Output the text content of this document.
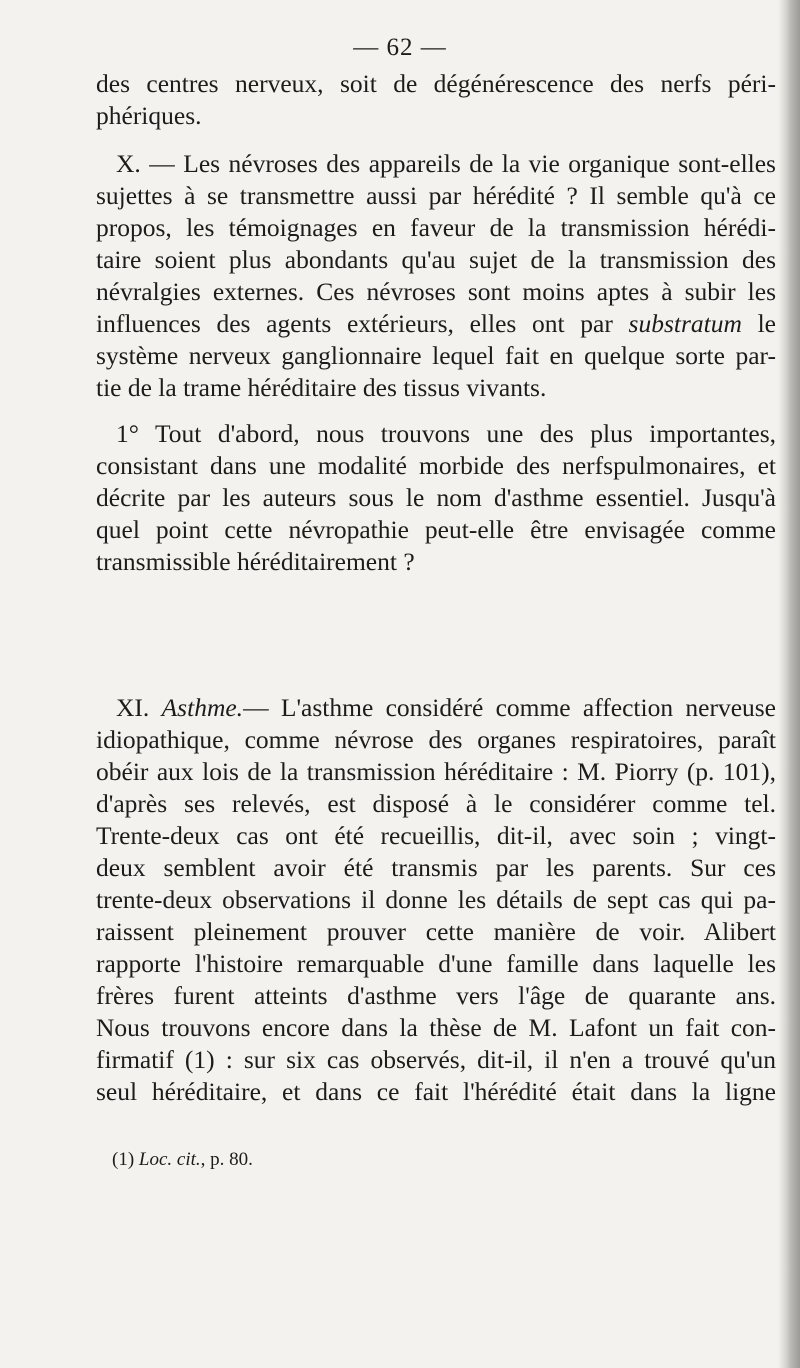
— 62 —
des centres nerveux, soit de dégénérescence des nerfs péri-
phériques.
X. — Les névroses des appareils de la vie organique sont-elles
sujettes à se transmettre aussi par hérédité ? Il semble qu'à ce
propos, les témoignages en faveur de la transmission hérédi-
taire soient plus abondants qu'au sujet de la transmission des
névralgies externes. Ces névroses sont moins aptes à subir les
influences des agents extérieurs, elles ont par substratum le
système nerveux ganglionnaire lequel fait en quelque sorte par-
tie de la trame héréditaire des tissus vivants.
1° Tout d'abord, nous trouvons une des plus importantes,
consistant dans une modalité morbide des nerfspulmonaires, et
décrite par les auteurs sous le nom d'asthme essentiel. Jusqu'à
quel point cette névropathie peut-elle être envisagée comme
transmissible héréditairement ?
XI. Asthme.— L'asthme considéré comme affection nerveuse
idiopathique, comme névrose des organes respiratoires, paraît
obéir aux lois de la transmission héréditaire : M. Piorry (p. 101),
d'après ses relevés, est disposé à le considérer comme tel.
Trente-deux cas ont été recueillis, dit-il, avec soin ; vingt-
deux semblent avoir été transmis par les parents. Sur ces
trente-deux observations il donne les détails de sept cas qui pa-
raissent pleinement prouver cette manière de voir. Alibert
rapporte l'histoire remarquable d'une famille dans laquelle les
frères furent atteints d'asthme vers l'âge de quarante ans.
Nous trouvons encore dans la thèse de M. Lafont un fait con-
firmatif (1) : sur six cas observés, dit-il, il n'en a trouvé qu'un
seul héréditaire, et dans ce fait l'hérédité était dans la ligne
(1) Loc. cit., p. 80.
